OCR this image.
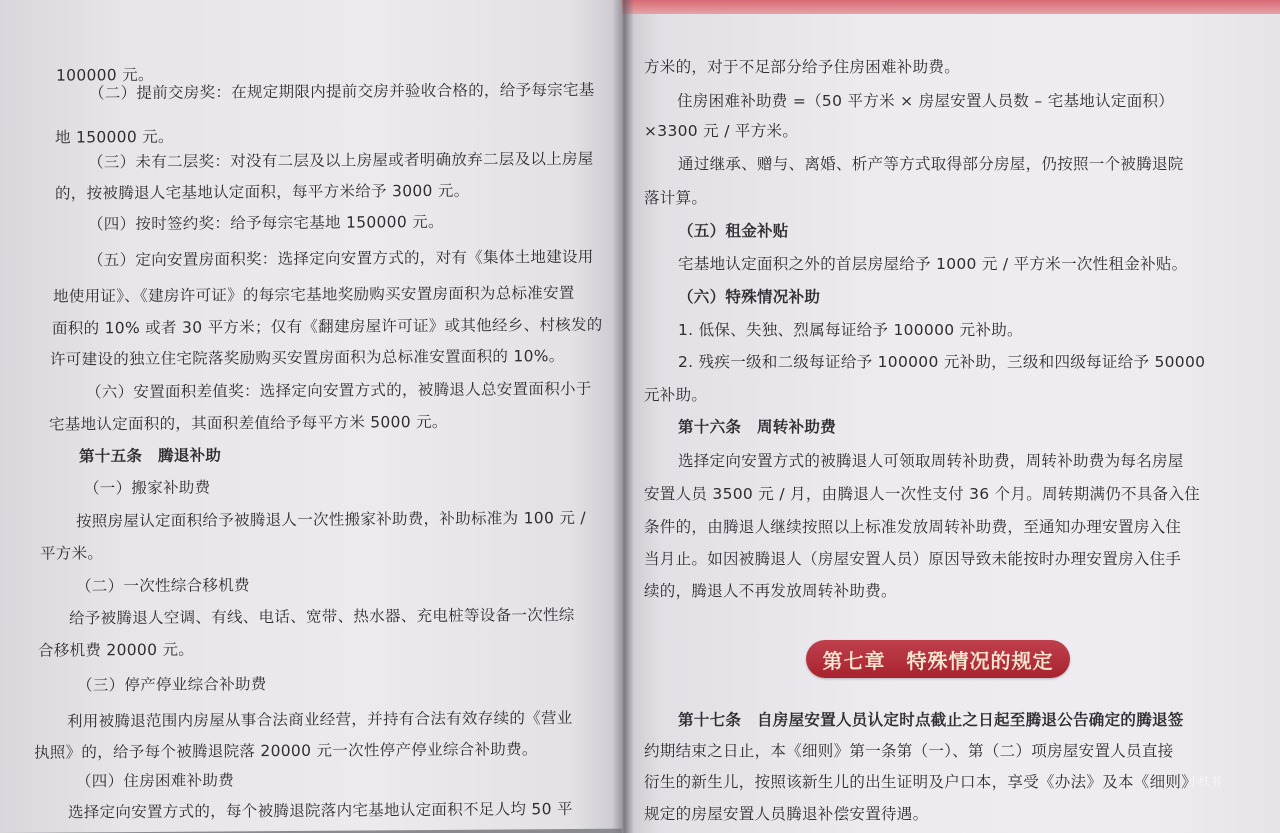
100000 元。
（二）提前交房奖：在规定期限内提前交房并验收合格的，给予每宗宅基
地 150000 元。
（三）未有二层奖：对没有二层及以上房屋或者明确放弃二层及以上房屋
的，按被腾退人宅基地认定面积，每平方米给予 3000 元。
（四）按时签约奖：给予每宗宅基地 150000 元。
（五）定向安置房面积奖：选择定向安置方式的，对有《集体土地建设用
地使用证》、《建房许可证》的每宗宅基地奖励购买安置房面积为总标准安置
面积的 10% 或者 30 平方米；仅有《翻建房屋许可证》或其他经乡、村核发的
许可建设的独立住宅院落奖励购买安置房面积为总标准安置面积的 10%。
（六）安置面积差值奖：选择定向安置方式的，被腾退人总安置面积小于
宅基地认定面积的，其面积差值给予每平方米 5000 元。
第十五条　腾退补助
（一）搬家补助费
按照房屋认定面积给予被腾退人一次性搬家补助费，补助标准为 100 元 /
平方米。
（二）一次性综合移机费
给予被腾退人空调、有线、电话、宽带、热水器、充电桩等设备一次性综
合移机费 20000 元。
（三）停产停业综合补助费
利用被腾退范围内房屋从事合法商业经营，并持有合法有效存续的《营业
执照》的，给予每个被腾退院落 20000 元一次性停产停业综合补助费。
（四）住房困难补助费
选择定向安置方式的，每个被腾退院落内宅基地认定面积不足人均 50 平
方米的，对于不足部分给予住房困难补助费。
住房困难补助费 =（50 平方米 × 房屋安置人员数 – 宅基地认定面积）
×3300 元 / 平方米。
通过继承、赠与、离婚、析产等方式取得部分房屋，仍按照一个被腾退院
落计算。
（五）租金补贴
宅基地认定面积之外的首层房屋给予 1000 元 / 平方米一次性租金补贴。
（六）特殊情况补助
1. 低保、失独、烈属每证给予 100000 元补助。
2. 残疾一级和二级每证给予 100000 元补助，三级和四级每证给予 50000
元补助。
第十六条　周转补助费
选择定向安置方式的被腾退人可领取周转补助费，周转补助费为每名房屋
安置人员 3500 元 / 月，由腾退人一次性支付 36 个月。周转期满仍不具备入住
条件的，由腾退人继续按照以上标准发放周转补助费，至通知办理安置房入住
当月止。如因被腾退人（房屋安置人员）原因导致未能按时办理安置房入住手
续的，腾退人不再发放周转补助费。
第十七条　自房屋安置人员认定时点截止之日起至腾退公告确定的腾退签
约期结束之日止，本《细则》第一条第（一）、第（二）项房屋安置人员直接
衍生的新生儿，按照该新生儿的出生证明及户口本，享受《办法》及本《细则》
规定的房屋安置人员腾退补偿安置待遇。
第七章　特殊情况的规定
小红书
